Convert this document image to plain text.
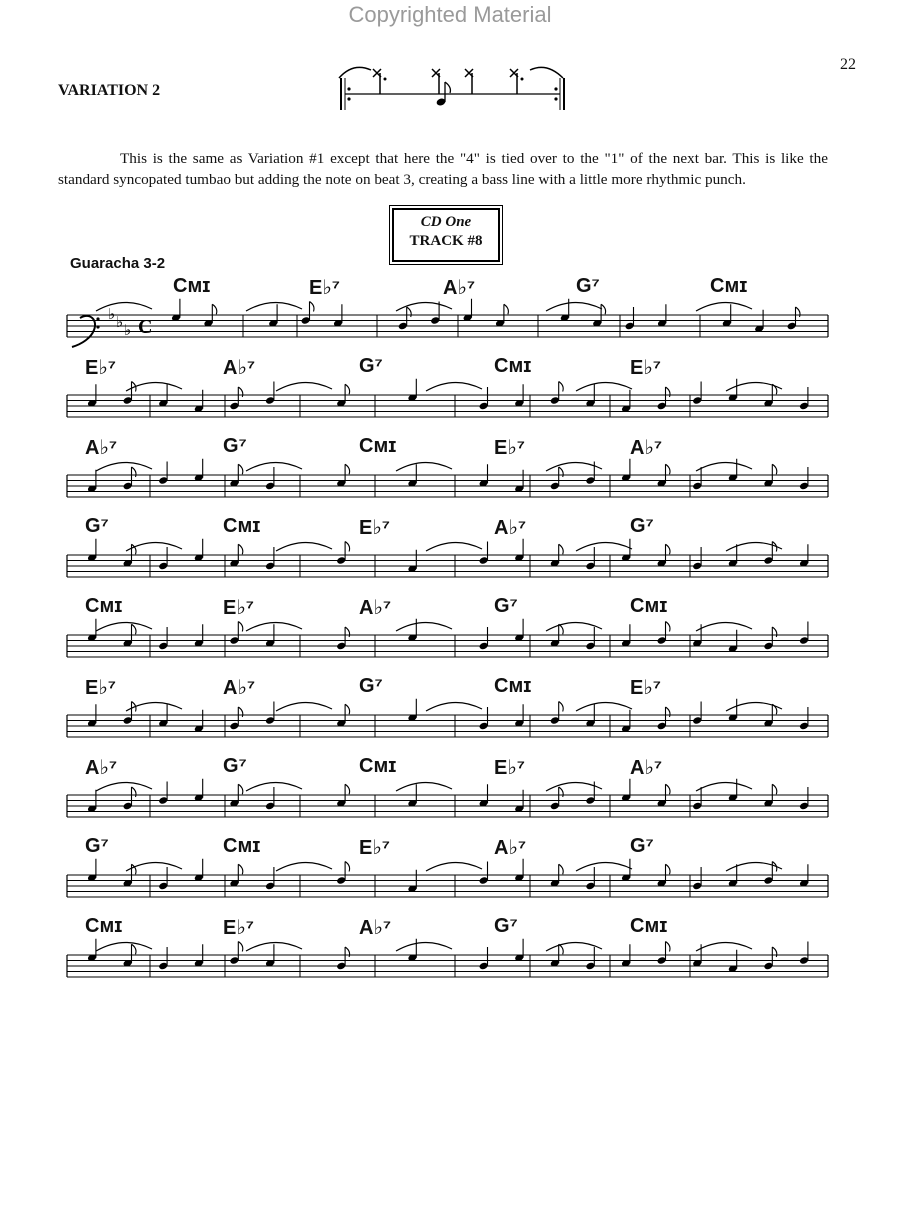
Copyrighted Material
22
VARIATION 2

This is the same as Variation #1 except that here the "4" is tied over to the "1" of the next bar. This is like the standard syncopated tumbao but adding the note on beat 3, creating a bass line with a little more rhythmic punch.

CD One
TRACK #8
Guaracha 3-2
Cᴍɪ	E♭⁷	A♭⁷	G⁷	Cᴍɪ
E♭⁷	A♭⁷	G⁷	Cᴍɪ	E♭⁷
A♭⁷	G⁷	Cᴍɪ	E♭⁷	A♭⁷
G⁷	Cᴍɪ	E♭⁷	A♭⁷	G⁷
Cᴍɪ	E♭⁷	A♭⁷	G⁷	Cᴍɪ
E♭⁷	A♭⁷	G⁷	Cᴍɪ	E♭⁷
A♭⁷	G⁷	Cᴍɪ	E♭⁷	A♭⁷
G⁷	Cᴍɪ	E♭⁷	A♭⁷	G⁷
Cᴍɪ	E♭⁷	A♭⁷	G⁷	Cᴍɪ
♭ ♭ ♭ C
